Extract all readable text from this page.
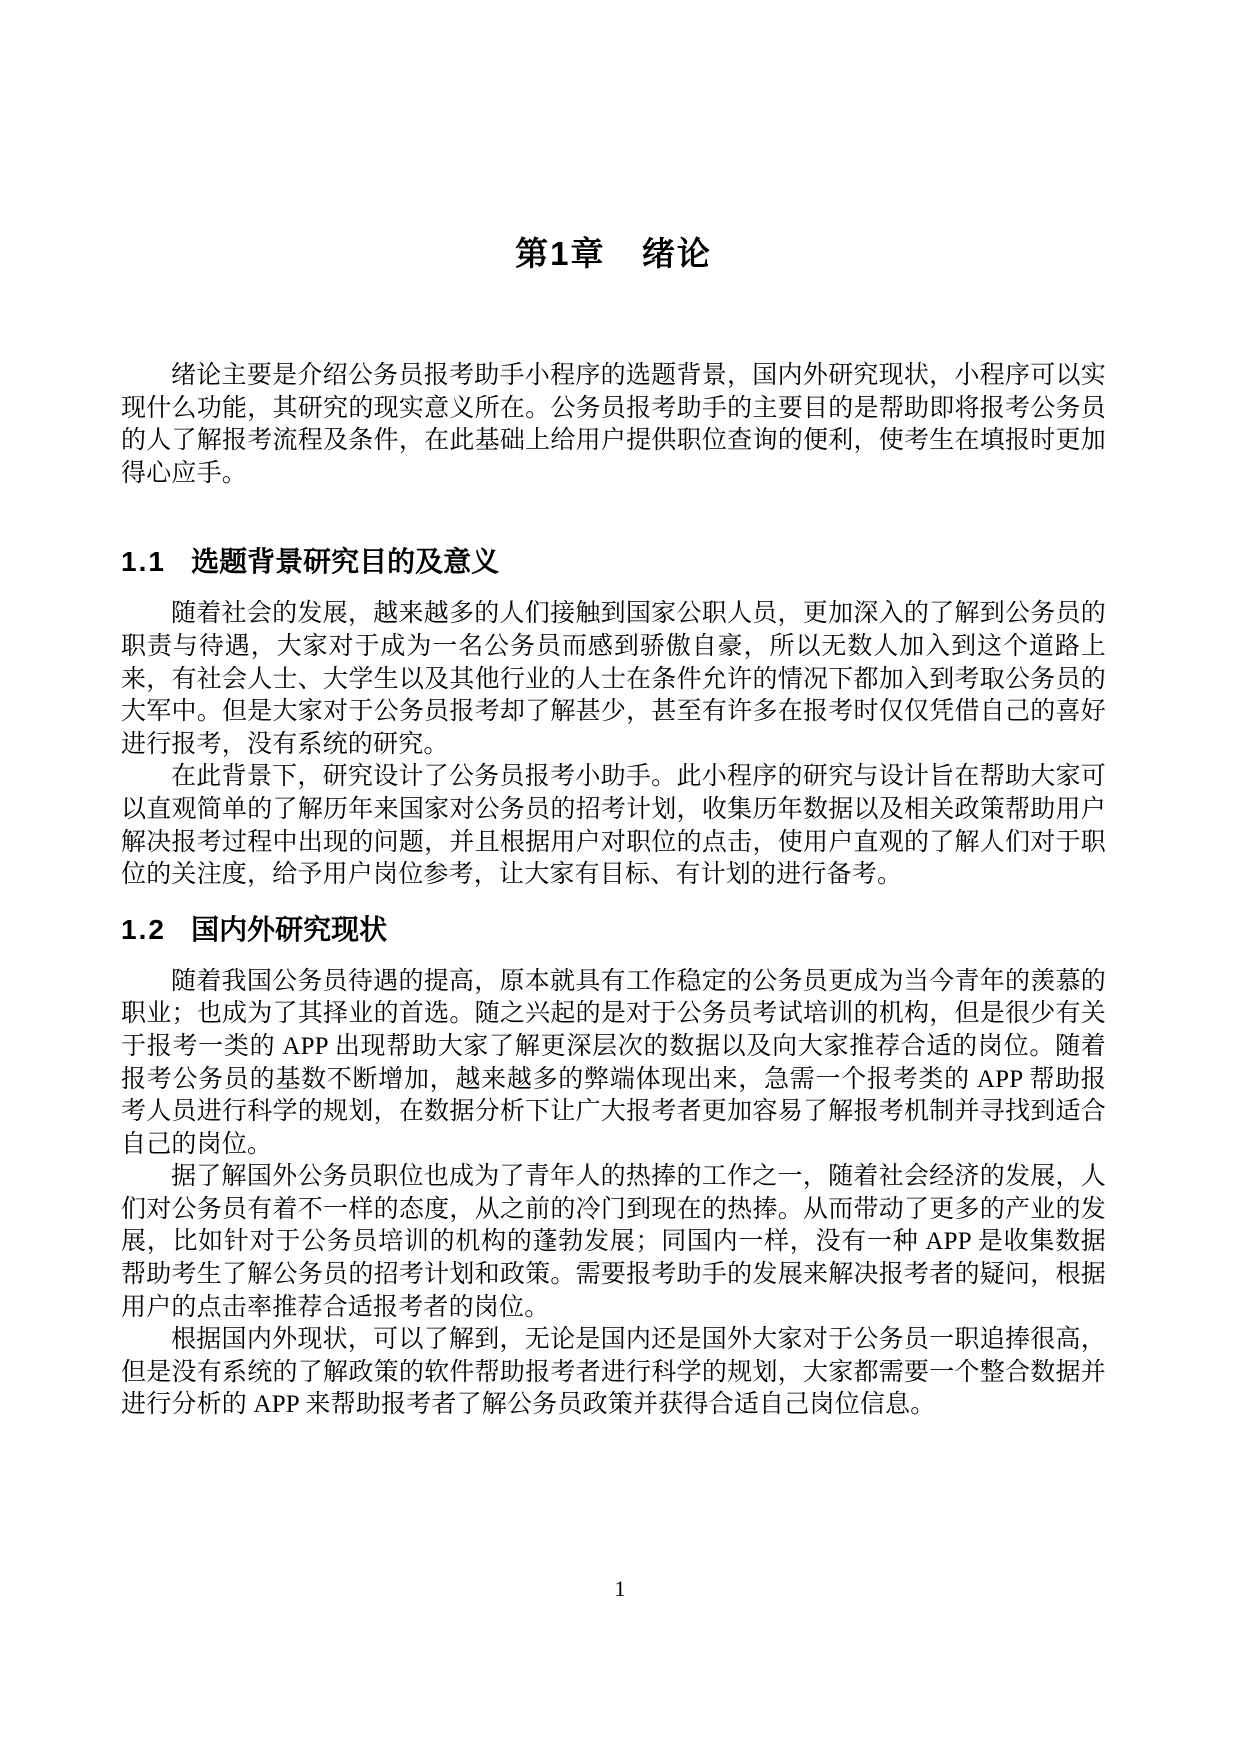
第1章 绪论

绪论主要是介绍公务员报考助手小程序的选题背景，国内外研究现状，小程序可以实现什么功能，其研究的现实意义所在。公务员报考助手的主要目的是帮助即将报考公务员的人了解报考流程及条件，在此基础上给用户提供职位查询的便利，使考生在填报时更加得心应手。

1.1 选题背景研究目的及意义

随着社会的发展，越来越多的人们接触到国家公职人员，更加深入的了解到公务员的职责与待遇，大家对于成为一名公务员而感到骄傲自豪，所以无数人加入到这个道路上来，有社会人士、大学生以及其他行业的人士在条件允许的情况下都加入到考取公务员的大军中。但是大家对于公务员报考却了解甚少，甚至有许多在报考时仅仅凭借自己的喜好进行报考，没有系统的研究。

在此背景下，研究设计了公务员报考小助手。此小程序的研究与设计旨在帮助大家可以直观简单的了解历年来国家对公务员的招考计划，收集历年数据以及相关政策帮助用户解决报考过程中出现的问题，并且根据用户对职位的点击，使用户直观的了解人们对于职位的关注度，给予用户岗位参考，让大家有目标、有计划的进行备考。

1.2 国内外研究现状

随着我国公务员待遇的提高，原本就具有工作稳定的公务员更成为当今青年的羡慕的职业；也成为了其择业的首选。随之兴起的是对于公务员考试培训的机构，但是很少有关于报考一类的 APP 出现帮助大家了解更深层次的数据以及向大家推荐合适的岗位。随着报考公务员的基数不断增加，越来越多的弊端体现出来，急需一个报考类的 APP 帮助报考人员进行科学的规划，在数据分析下让广大报考者更加容易了解报考机制并寻找到适合自己的岗位。

据了解国外公务员职位也成为了青年人的热捧的工作之一，随着社会经济的发展，人们对公务员有着不一样的态度，从之前的冷门到现在的热捧。从而带动了更多的产业的发展，比如针对于公务员培训的机构的蓬勃发展；同国内一样，没有一种 APP 是收集数据帮助考生了解公务员的招考计划和政策。需要报考助手的发展来解决报考者的疑问，根据用户的点击率推荐合适报考者的岗位。

根据国内外现状，可以了解到，无论是国内还是国外大家对于公务员一职追捧很高，但是没有系统的了解政策的软件帮助报考者进行科学的规划，大家都需要一个整合数据并进行分析的 APP 来帮助报考者了解公务员政策并获得合适自己岗位信息。

1
